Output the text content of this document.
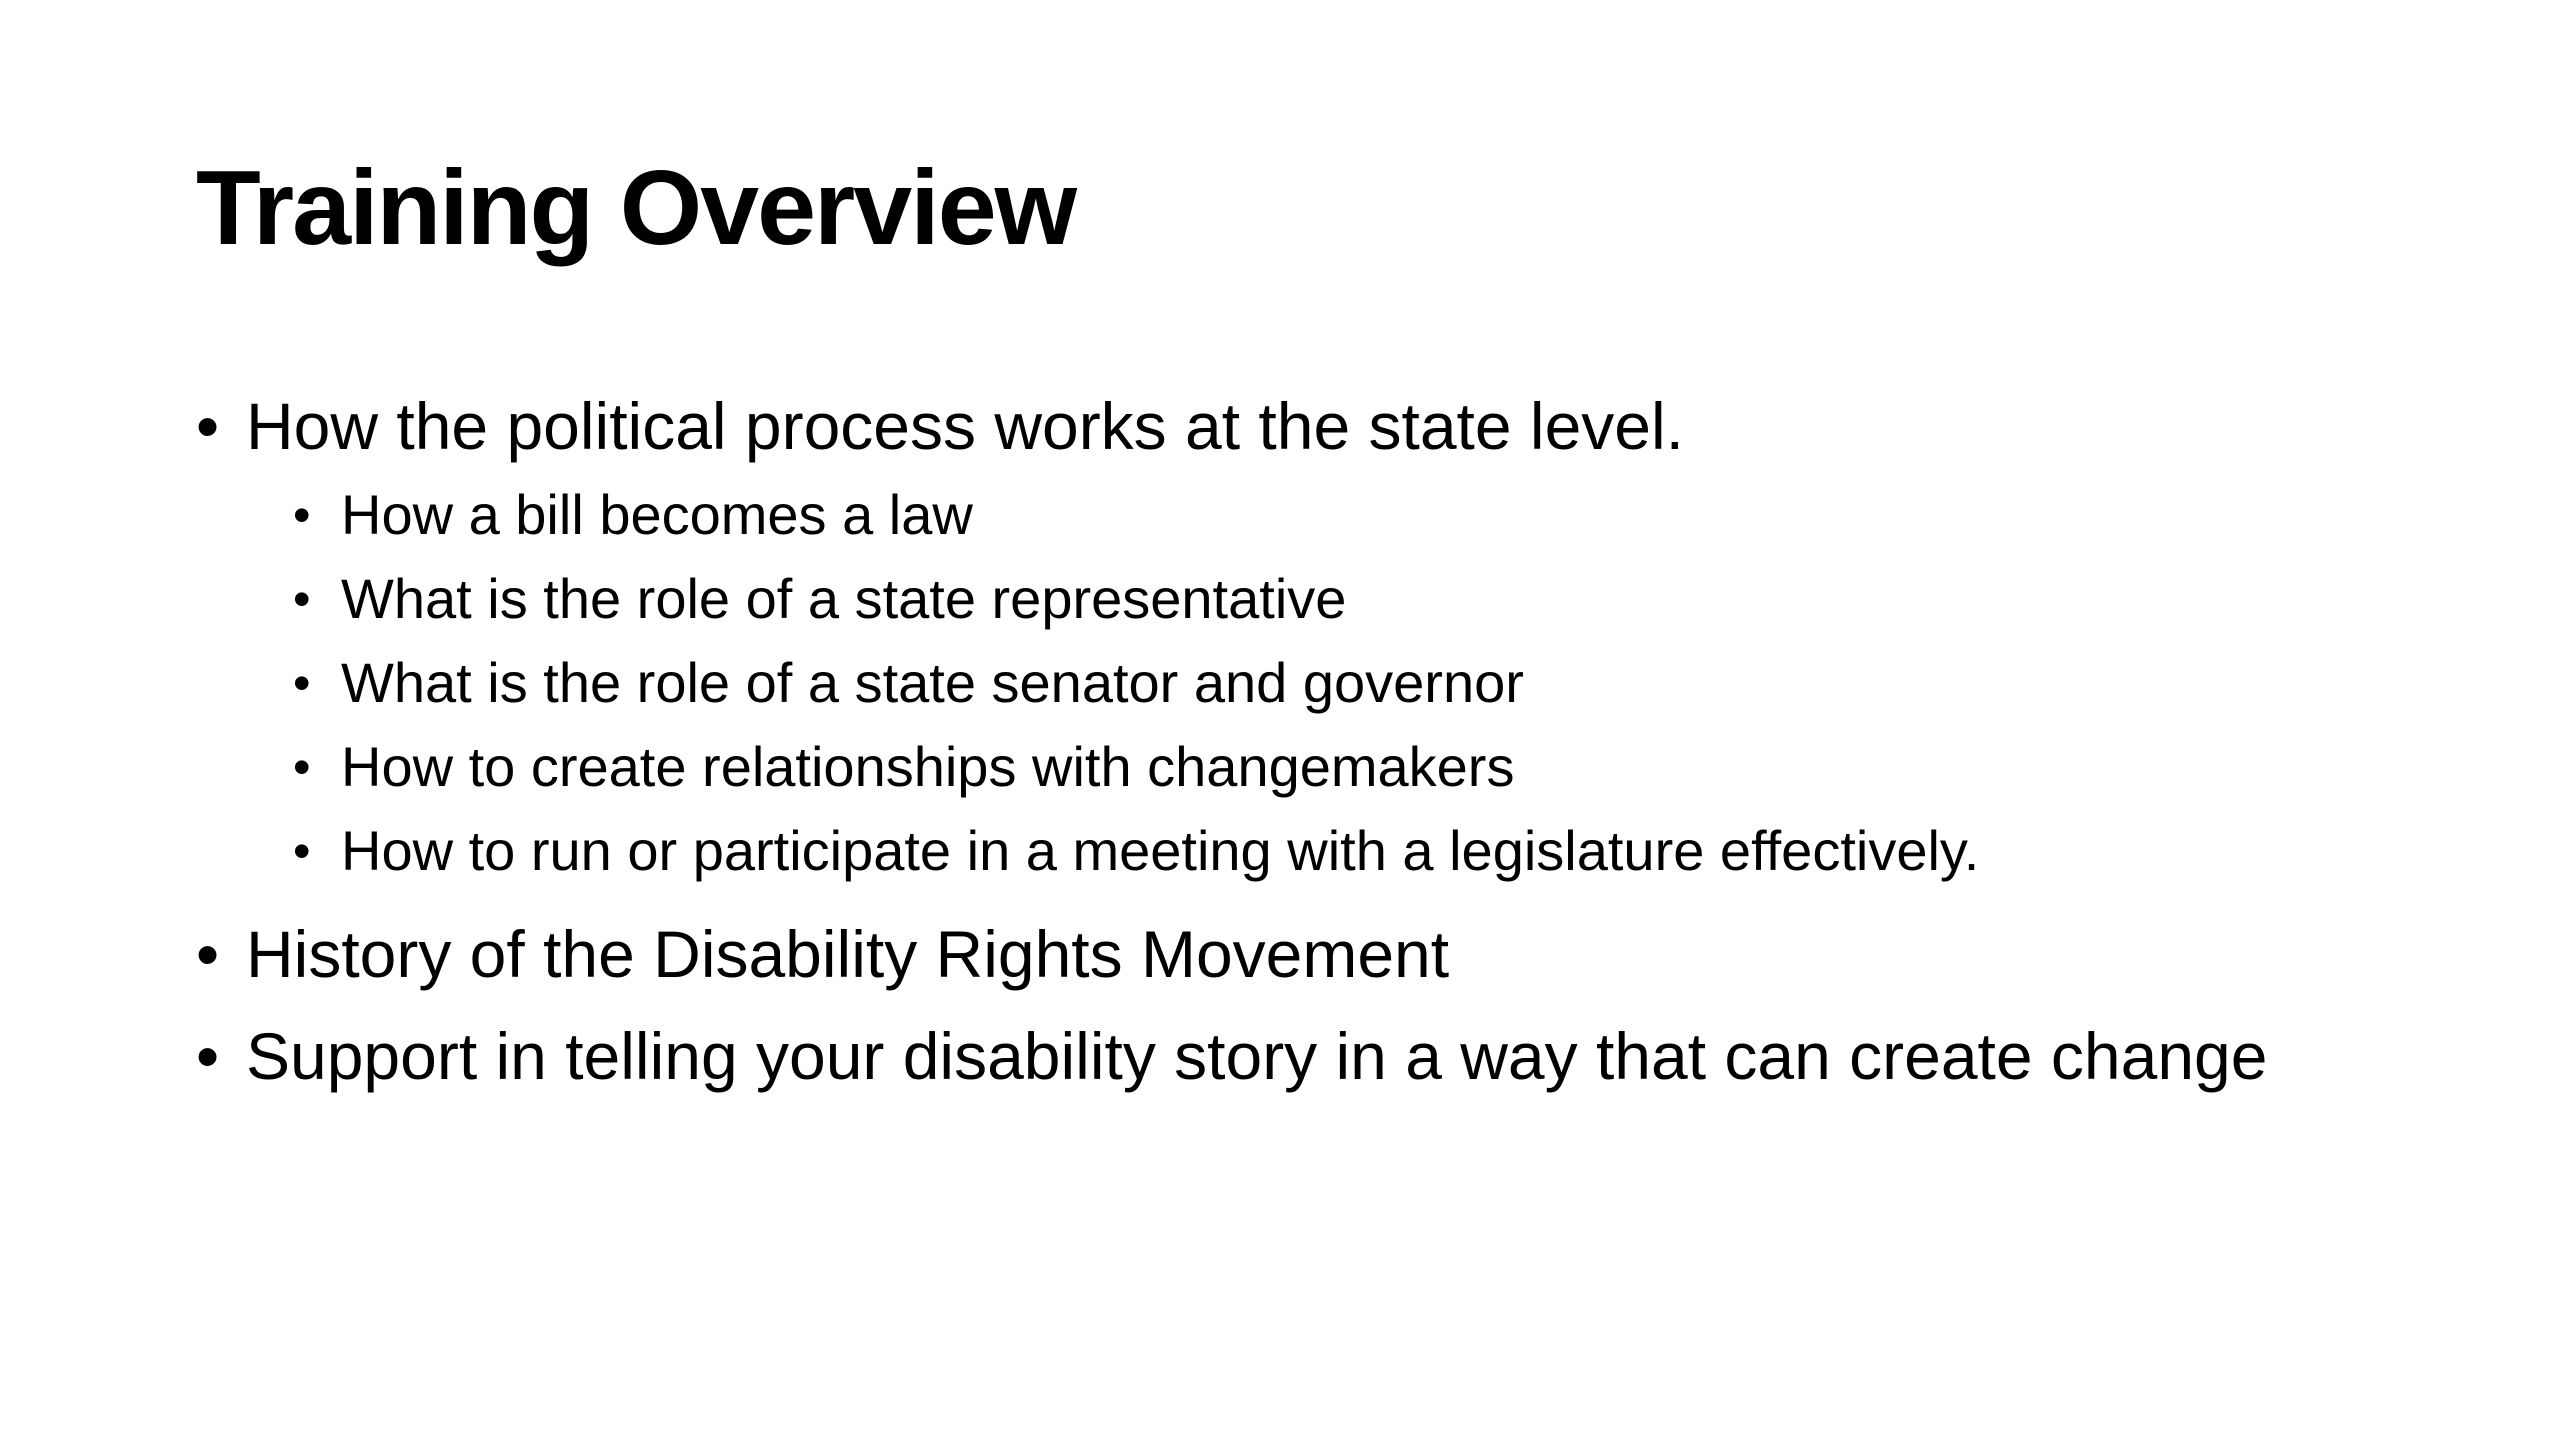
Training Overview
• How the political process works at the state level.
• How a bill becomes a law
• What is the role of a state representative
• What is the role of a state senator and governor
• How to create relationships with changemakers
• How to run or participate in a meeting with a legislature effectively.
• History of the Disability Rights Movement
• Support in telling your disability story in a way that can create change
